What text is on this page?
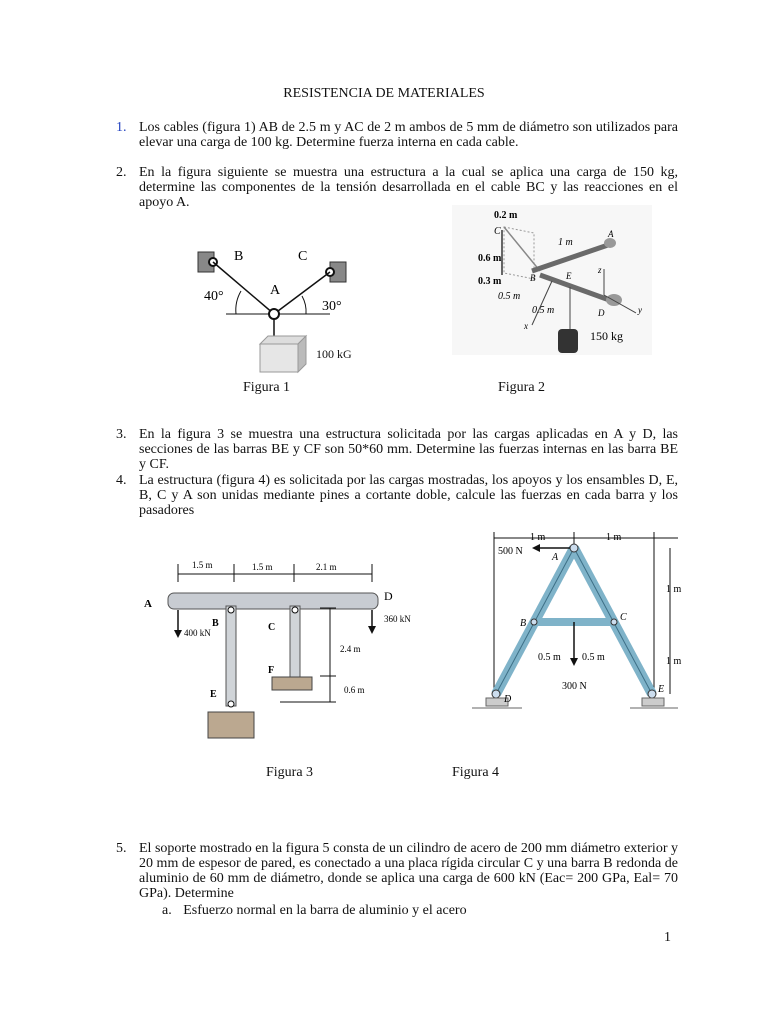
RESISTENCIA DE MATERIALES
1. Los cables (figura 1) AB de 2.5 m y AC de 2 m ambos de 5 mm de diámetro son utilizados para elevar una carga de 100 kg. Determine fuerza interna en cada cable.
2. En la figura siguiente se muestra una estructura a la cual se aplica una carga de 150 kg, determine las componentes de la tensión desarrollada en el cable BC y las reacciones en el apoyo A.
B	C
A
40°
30°
100 kG
0.2 m
C
1 m
A
0.6 m
0.3 m	B	E
z
0.5 m
0.5 m	D	y
x
150 kg
Figura 1	Figura 2
3. En la figura 3 se muestra una estructura solicitada por las cargas aplicadas en A y D, las secciones de las barras BE y CF son 50*60 mm. Determine las fuerzas internas en las barra BE y CF.
4. La estructura (figura 4) es solicitada por las cargas mostradas, los apoyos y los ensambles D, E, B, C y A son unidas mediante pines a cortante doble, calcule las fuerzas en cada barra y los pasadores
1.5 m	1.5 m	2.1 m
A
D
B	C
400 kN
360 kN
F
2.4 m
E	0.6 m
1 m	1 m
500 N
A
1 m
B
C
0.5 m 0.5 m	1 m
300 N
D
E
Figura 3	Figura 4
5. El soporte mostrado en la figura 5 consta de un cilindro de acero de 200 mm diámetro exterior y 20 mm de espesor de pared, es conectado a una placa rígida circular C y una barra B redonda de aluminio de 60 mm de diámetro, donde se aplica una carga de 600 kN (Eac= 200 GPa, Eal= 70 GPa). Determine
a. Esfuerzo normal en la barra de aluminio y el acero
1
